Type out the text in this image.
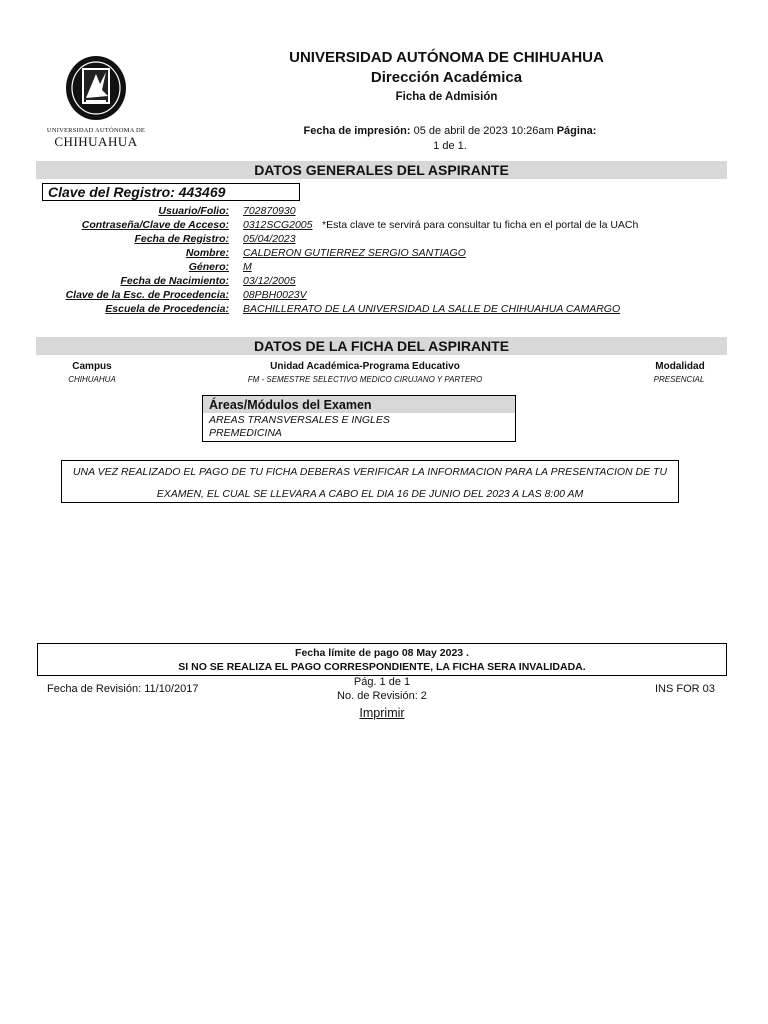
UNIVERSIDAD AUTÓNOMA DE
CHIHUAHUA
UNIVERSIDAD AUTÓNOMA DE CHIHUAHUA
Dirección Académica
Ficha de Admisión
Fecha de impresión: 05 de abril de 2023 10:26am Página:
1 de 1.
DATOS GENERALES DEL ASPIRANTE
Clave del Registro: 443469
Usuario/Folio: 702870930
Contraseña/Clave de Acceso: 0312SCG2005 *Esta clave te servirá para consultar tu ficha en el portal de la UACh
Fecha de Registro: 05/04/2023
Nombre: CALDERON GUTIERREZ SERGIO SANTIAGO
Género: M
Fecha de Nacimiento: 03/12/2005
Clave de la Esc. de Procedencia: 08PBH0023V
Escuela de Procedencia: BACHILLERATO DE LA UNIVERSIDAD LA SALLE DE CHIHUAHUA CAMARGO
DATOS DE LA FICHA DEL ASPIRANTE
Campus
CHIHUAHUA
Unidad Académica-Programa Educativo
FM - SEMESTRE SELECTIVO MEDICO CIRUJANO Y PARTERO
Modalidad
PRESENCIAL
Áreas/Módulos del Examen
AREAS TRANSVERSALES E INGLES
PREMEDICINA
UNA VEZ REALIZADO EL PAGO DE TU FICHA DEBERAS VERIFICAR LA INFORMACION PARA LA PRESENTACION DE TU
EXAMEN, EL CUAL SE LLEVARA A CABO EL DIA 16 DE JUNIO DEL 2023 A LAS 8:00 AM
Fecha límite de pago 08 May 2023 .
SI NO SE REALIZA EL PAGO CORRESPONDIENTE, LA FICHA SERA INVALIDADA.
Fecha de Revisión: 11/10/2017
Pág. 1 de 1
No. de Revisión: 2
INS FOR 03
Imprimir
